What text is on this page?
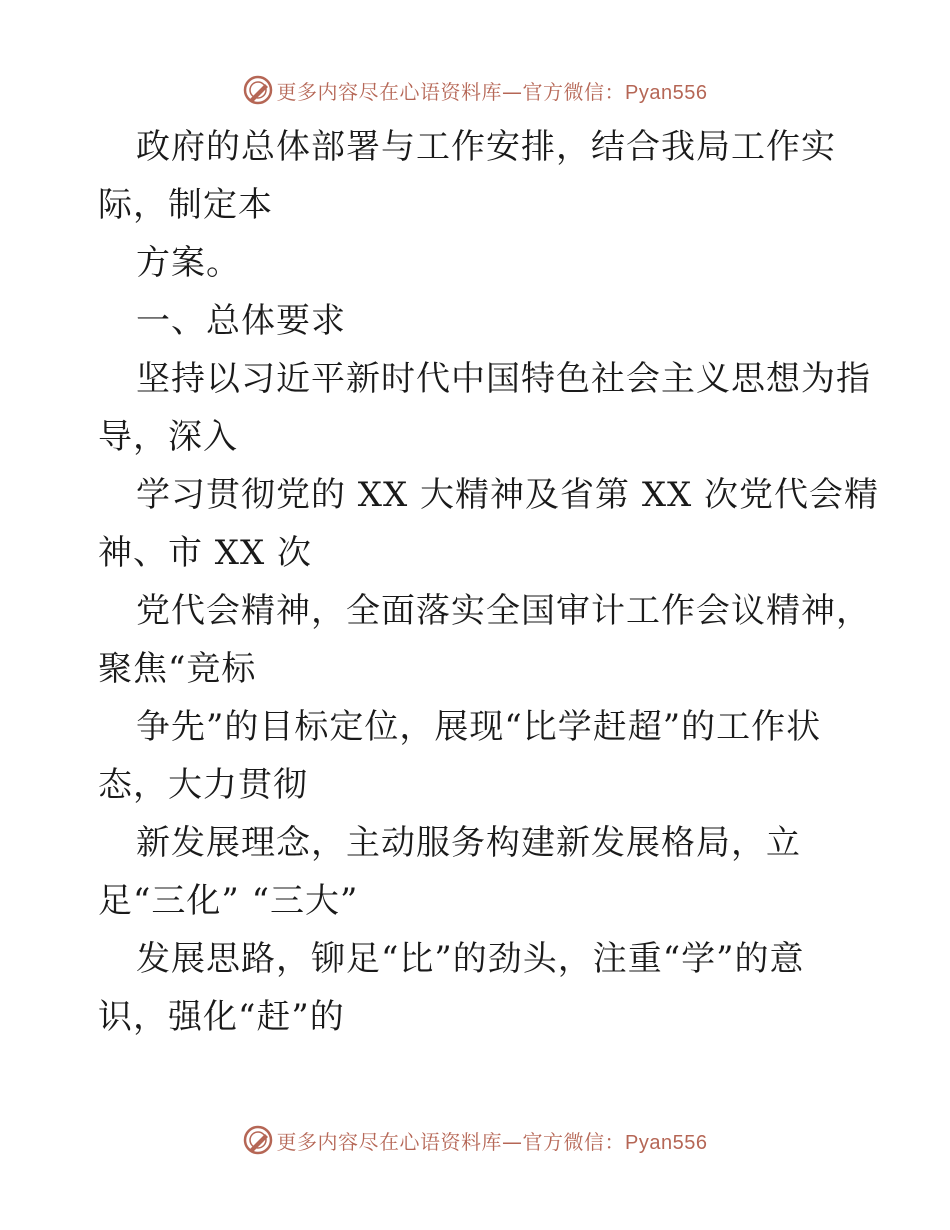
更多内容尽在心语资料库—官方微信：Pyan556
政府的总体部署与工作安排，结合我局工作实
际，制定本
方案。
一、总体要求
坚持以习近平新时代中国特色社会主义思想为指
导，深入
学习贯彻党的 XX 大精神及省第 XX 次党代会精
神、市 XX 次
党代会精神，全面落实全国审计工作会议精神，
聚焦“竞标
争先”的目标定位，展现“比学赶超”的工作状
态，大力贯彻
新发展理念，主动服务构建新发展格局，立
足“三化” “三大”
发展思路，铆足“比”的劲头，注重“学”的意
识，强化“赶”的
更多内容尽在心语资料库—官方微信：Pyan556
